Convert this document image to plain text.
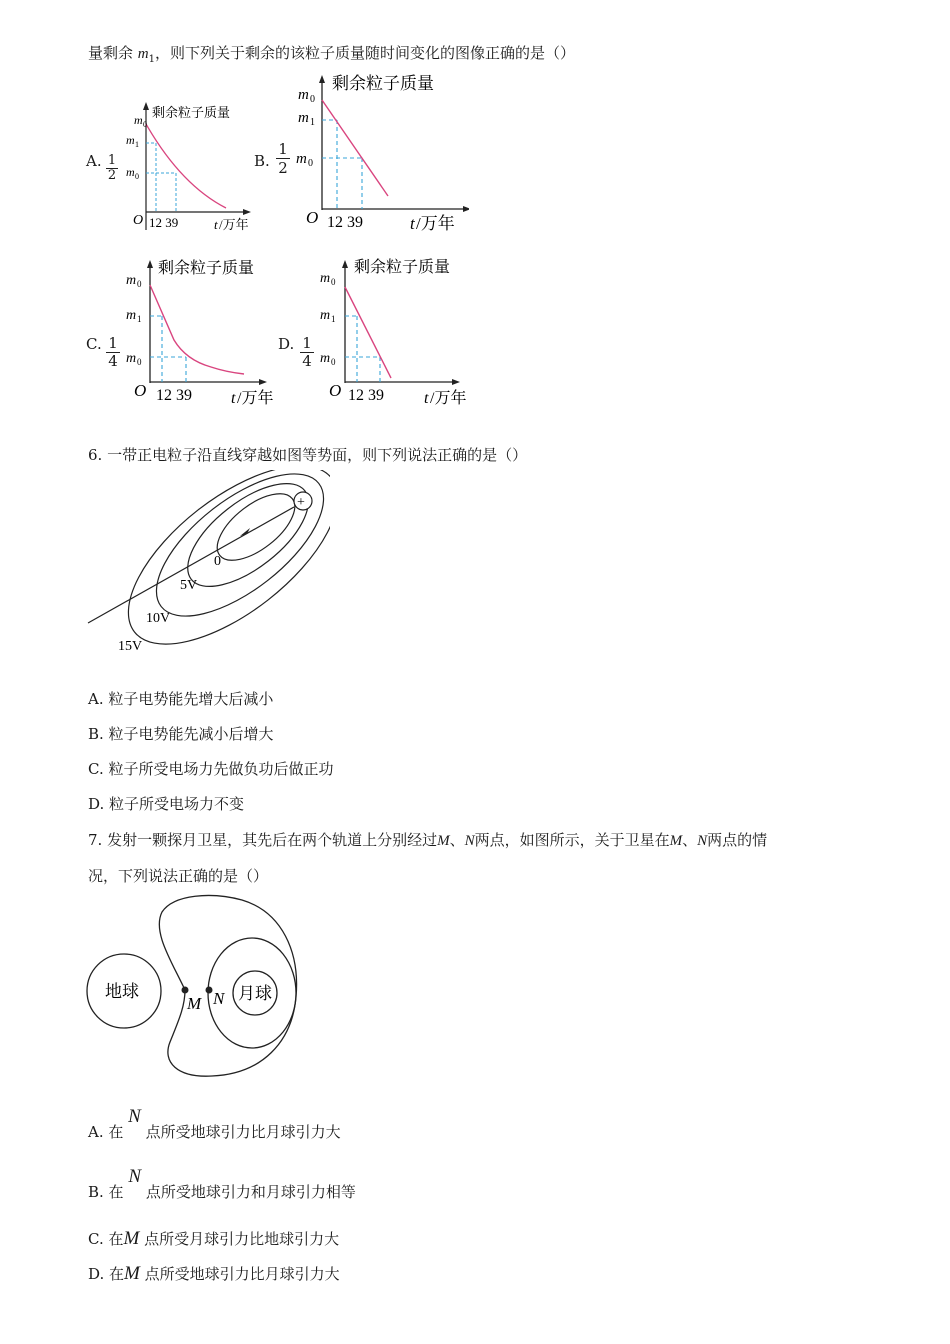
量剩余 $m_1$，则下列关于剩余的该粒子质量随时间变化的图像正确的是（）
A. $\frac{1}{2}$
m 0
m 1
m 0
剩余粒子质量
O 12 39	t /万年
B. $\frac{1}{2}$
m 0
m 1
m 0
剩余粒子质量
O 12 39	t /万年
C. $\frac{1}{4}$
m 0
m 1
m 0
剩余粒子质量
O 12 39 t /万年
D. $\frac{1}{4}$
m 0
m 1
m 0
剩余粒子质量
O 12 39	t /万年
6. 一带正电粒子沿直线穿越如图等势面，则下列说法正确的是（）
+
0
5V
10V
15V
A. 粒子电势能先增大后减小
B. 粒子电势能先减小后增大
C. 粒子所受电场力先做负功后做正功
D. 粒子所受电场力不变
7. 发射一颗探月卫星，其先后在两个轨道上分别经过M、N两点，如图所示，关于卫星在M、N两点的情
况，下列说法正确的是（）
地球	月球
M N
A. 在 N 点所受地球引力比月球引力大
B. 在 N 点所受地球引力和月球引力相等
C. 在M 点所受月球引力比地球引力大
D. 在M 点所受地球引力比月球引力大
